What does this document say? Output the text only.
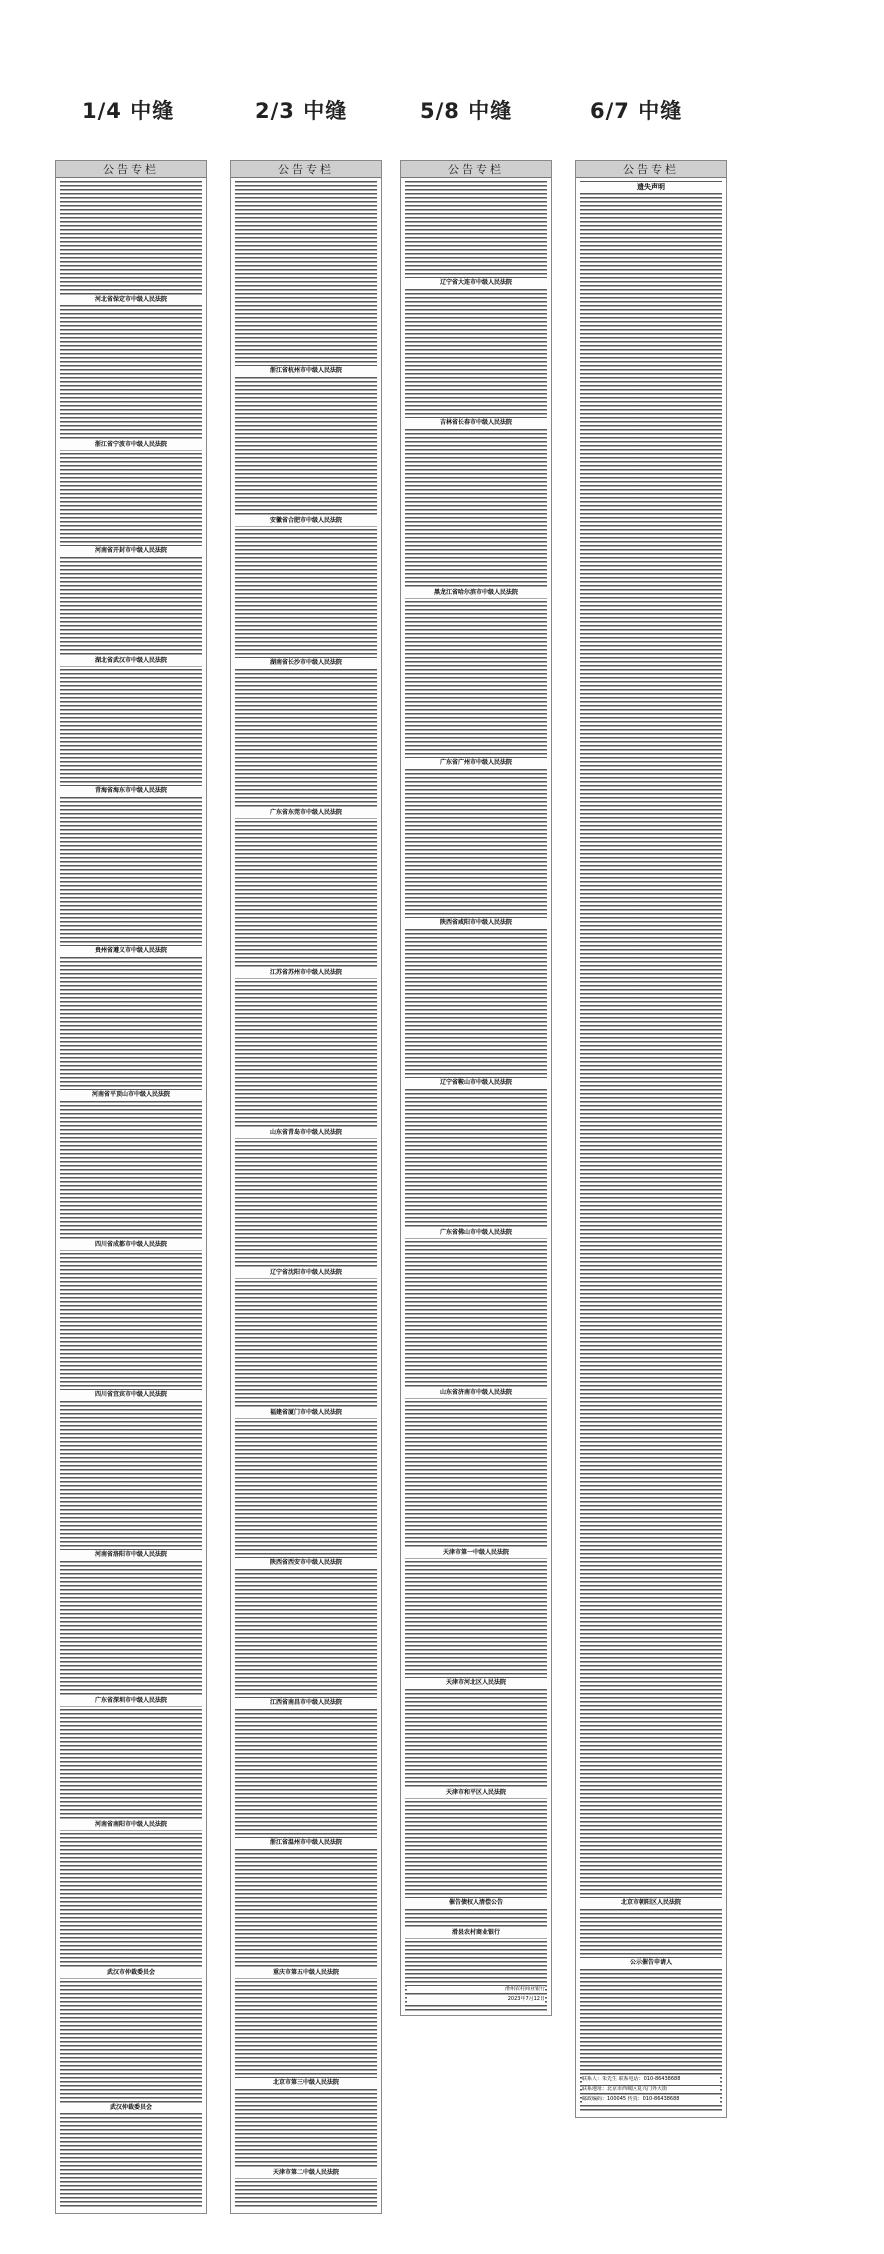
1/4 中缝	2/3 中缝	5/8 中缝	6/7 中缝
公告专栏
河北省保定市中级人民法院
浙江省宁波市中级人民法院
河南省开封市中级人民法院
湖北省武汉市中级人民法院
青海省海东市中级人民法院
贵州省遵义市中级人民法院
河南省平顶山市中级人民法院
四川省成都市中级人民法院
四川省宜宾市中级人民法院
河南省洛阳市中级人民法院
广东省深圳市中级人民法院
河南省南阳市中级人民法院
武汉市仲裁委员会
武汉仲裁委员会
公告专栏
浙江省杭州市中级人民法院
安徽省合肥市中级人民法院
湖南省长沙市中级人民法院
广东省东莞市中级人民法院
江苏省苏州市中级人民法院
山东省青岛市中级人民法院
辽宁省沈阳市中级人民法院
福建省厦门市中级人民法院
陕西省西安市中级人民法院
江西省南昌市中级人民法院
浙江省温州市中级人民法院
重庆市第五中级人民法院
北京市第三中级人民法院
天津市第二中级人民法院
公告专栏
辽宁省大连市中级人民法院
吉林省长春市中级人民法院
黑龙江省哈尔滨市中级人民法院
广东省广州市中级人民法院
陕西省咸阳市中级人民法院
辽宁省鞍山市中级人民法院
广东省佛山市中级人民法院
山东省济南市中级人民法院
天津市第一中级人民法院
天津市河北区人民法院
天津市和平区人民法院
催告债权人清偿公告
滑县农村商业银行
滑州农村商业银行
2023年7月12日
公告专栏
遗失声明
北京市朝阳区人民法院
公示催告申请人
联系人：朱先生 联系电话：010-86438688
联系地址：北京市西城区复兴门外大街
邮政编码：100045 传真：010-86438688
